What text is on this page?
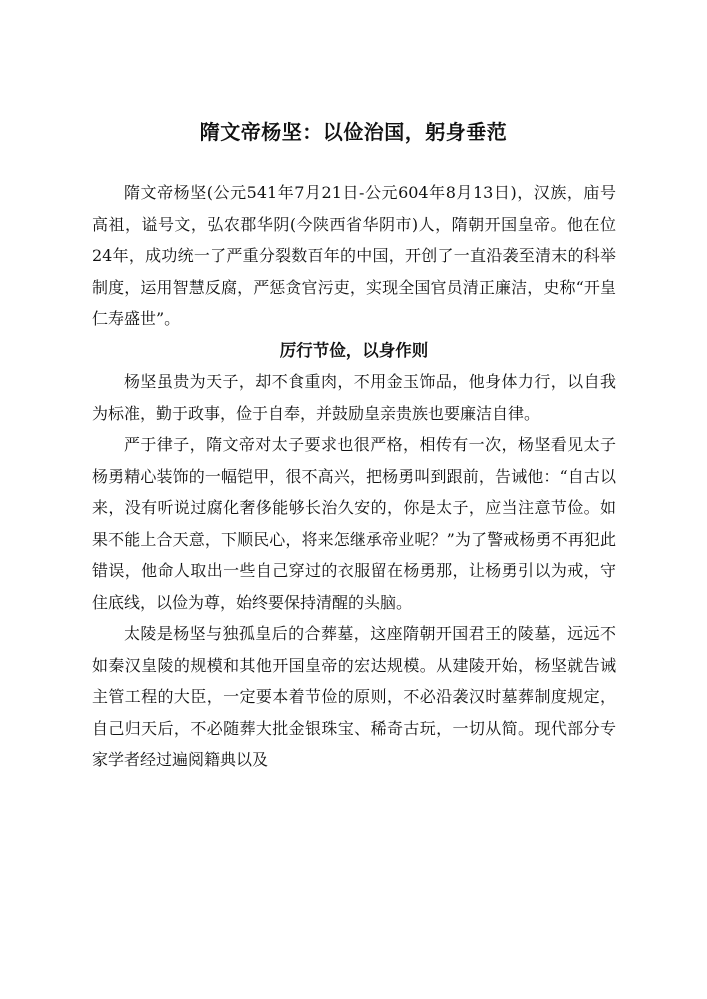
隋文帝杨坚：以俭治国，躬身垂范

隋文帝杨坚(公元541年7月21日-公元604年8月13日)，汉族，庙号高祖，谥号文，弘农郡华阴(今陕西省华阴市)人，隋朝开国皇帝。他在位24年，成功统一了严重分裂数百年的中国，开创了一直沿袭至清末的科举制度，运用智慧反腐，严惩贪官污吏，实现全国官员清正廉洁，史称“开皇仁寿盛世”。

厉行节俭，以身作则

杨坚虽贵为天子，却不食重肉，不用金玉饰品，他身体力行，以自我为标准，勤于政事，俭于自奉，并鼓励皇亲贵族也要廉洁自律。

严于律子，隋文帝对太子要求也很严格，相传有一次，杨坚看见太子杨勇精心装饰的一幅铠甲，很不高兴，把杨勇叫到跟前，告诫他：“自古以来，没有听说过腐化奢侈能够长治久安的，你是太子，应当注意节俭。如果不能上合天意，下顺民心，将来怎继承帝业呢？”为了警戒杨勇不再犯此错误，他命人取出一些自己穿过的衣服留在杨勇那，让杨勇引以为戒，守住底线，以俭为尊，始终要保持清醒的头脑。

太陵是杨坚与独孤皇后的合葬墓，这座隋朝开国君王的陵墓，远远不如秦汉皇陵的规模和其他开国皇帝的宏达规模。从建陵开始，杨坚就告诫主管工程的大臣，一定要本着节俭的原则，不必沿袭汉时墓葬制度规定，自己归天后，不必随葬大批金银珠宝、稀奇古玩，一切从简。现代部分专家学者经过遍阅籍典以及
